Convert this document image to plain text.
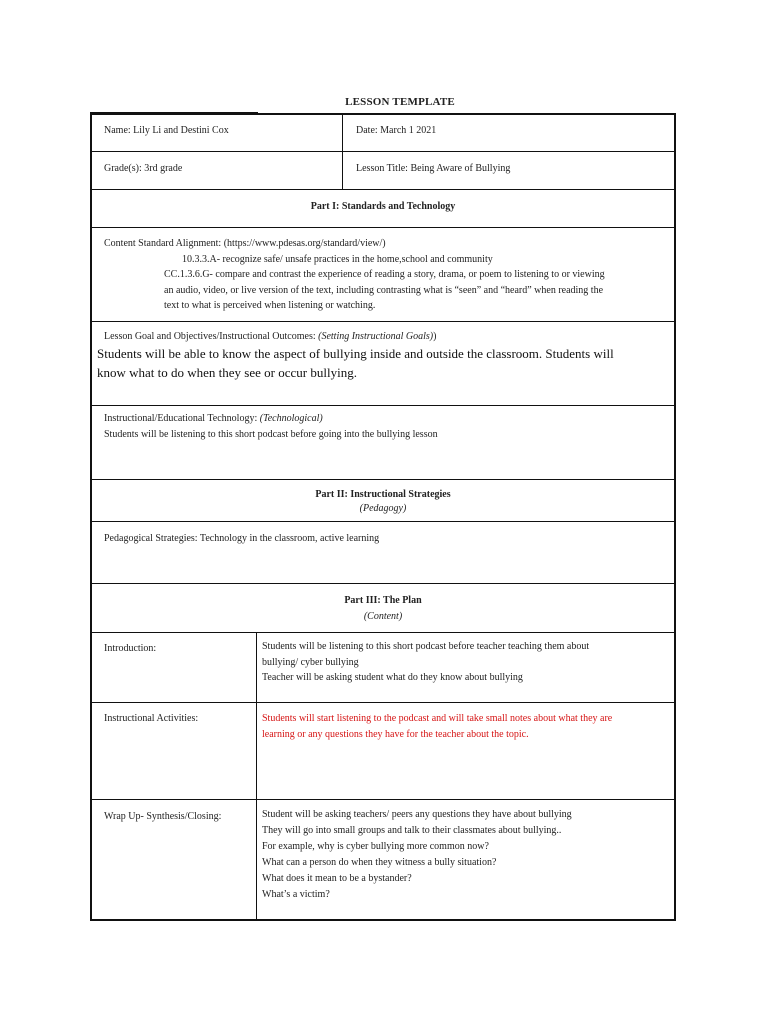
LESSON TEMPLATE
Name: Lily Li and Destini Cox	Date: March 1 2021
Grade(s): 3rd grade	Lesson Title: Being Aware of Bullying
Part I: Standards and Technology

Content Standard Alignment: (https://www.pdesas.org/standard/view/)

10.3.3.A- recognize safe/ unsafe practices in the home,school and community

CC.1.3.6.G- compare and contrast the experience of reading a story, drama, or poem to listening to or viewing

an audio, video, or live version of the text, including contrasting what is “seen” and “heard” when reading the

text to what is perceived when listening or watching.

Lesson Goal and Objectives/Instructional Outcomes: (Setting Instructional Goals))

Students will be able to know the aspect of bullying inside and outside the classroom. Students will

know what to do when they see or occur bullying.

Instructional/Educational Technology: (Technological)

Students will be listening to this short podcast before going into the bullying lesson

Part II: Instructional Strategies

(Pedagogy)

Pedagogical Strategies: Technology in the classroom, active learning

Part III: The Plan

(Content)

Introduction:	Students will be listening to this short podcast before teacher teaching them about

bullying/ cyber bullying

Teacher will be asking student what do they know about bullying

Instructional Activities:	Students will start listening to the podcast and will take small notes about what they are

learning or any questions they have for the teacher about the topic.

Wrap Up- Synthesis/Closing:	Student will be asking teachers/ peers any questions they have about bullying

They will go into small groups and talk to their classmates about bullying..

For example, why is cyber bullying more common now?

What can a person do when they witness a bully situation?

What does it mean to be a bystander?

What’s a victim?
